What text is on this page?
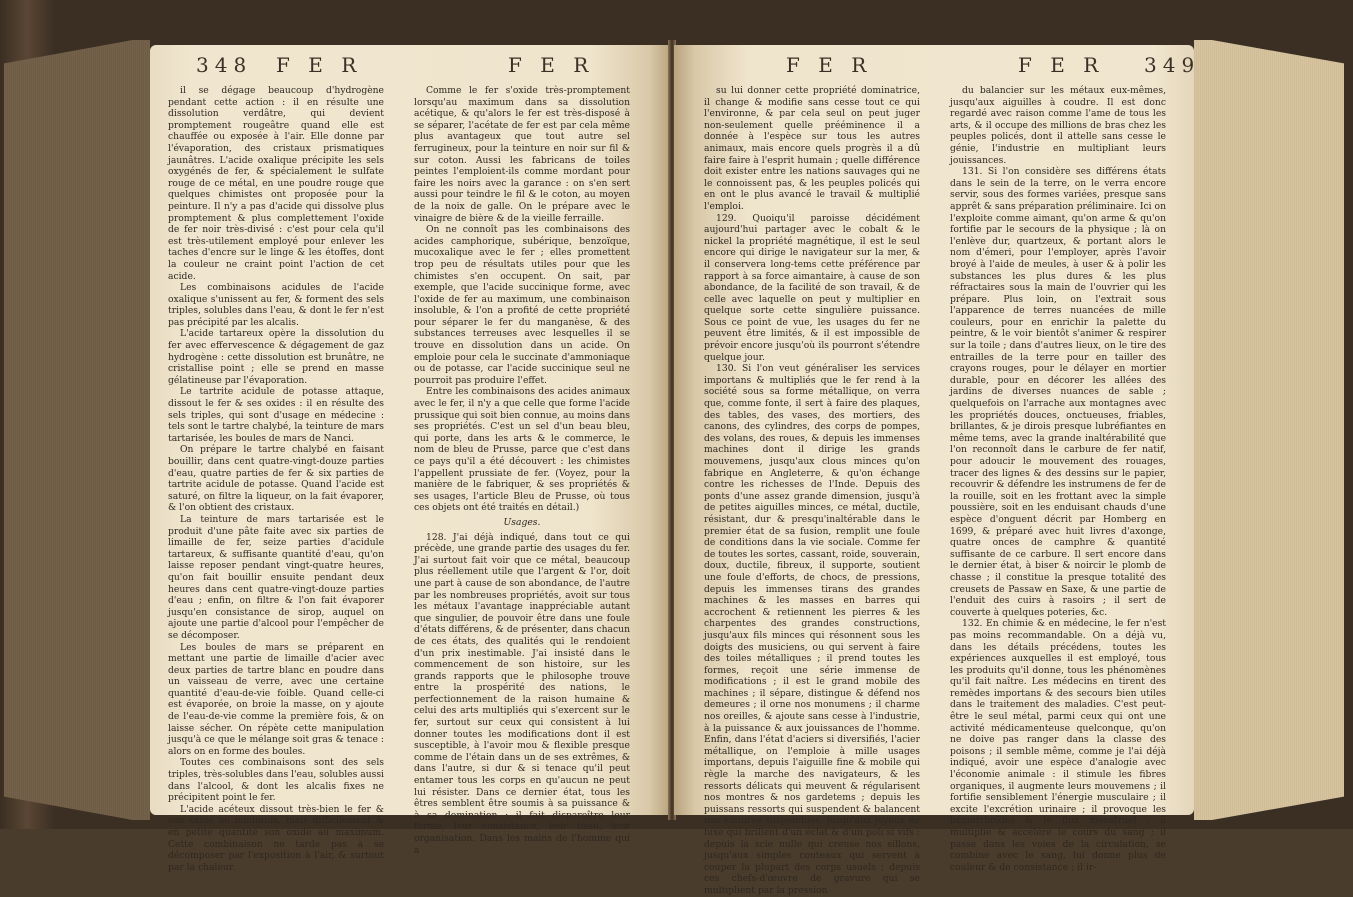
348 F E R	F E R

il se dégage beaucoup d'hydrogène pendant cette action : il en résulte une dissolution verdâtre, qui devient promptement rougeâtre quand elle est chauffée ou exposée à l'air. Elle donne par l'évaporation, des cristaux prismatiques jaunâtres. L'acide oxalique précipite les sels oxygénés de fer, & spécialement le sulfate rouge de ce métal, en une poudre rouge que quelques chimistes ont proposée pour la peinture. Il n'y a pas d'acide qui dissolve plus promptement & plus complettement l'oxide de fer noir très-divisé : c'est pour cela qu'il est très-utilement employé pour enlever les taches d'encre sur le linge & les étoffes, dont la couleur ne craint point l'action de cet acide.

Les combinaisons acidules de l'acide oxalique s'unissent au fer, & forment des sels triples, solubles dans l'eau, & dont le fer n'est pas précipité par les alcalis.

L'acide tartareux opère la dissolution du fer avec effervescence & dégagement de gaz hydrogène : cette dissolution est brunâtre, ne cristallise point ; elle se prend en masse gélatineuse par l'évaporation.

Le tartrite acidule de potasse attaque, dissout le fer & ses oxides : il en résulte des sels triples, qui sont d'usage en médecine : tels sont le tartre chalybé, la teinture de mars tartarisée, les boules de mars de Nanci.

On prépare le tartre chalybé en faisant bouillir, dans cent quatre-vingt-douze parties d'eau, quatre parties de fer & six parties de tartrite acidule de potasse. Quand l'acide est saturé, on filtre la liqueur, on la fait évaporer, & l'on obtient des cristaux.

La teinture de mars tartarisée est le produit d'une pâte faite avec six parties de limaille de fer, seize parties d'acidule tartareux, & suffisante quantité d'eau, qu'on laisse reposer pendant vingt-quatre heures, qu'on fait bouillir ensuite pendant deux heures dans cent quatre-vingt-douze parties d'eau ; enfin, on filtre & l'on fait évaporer jusqu'en consistance de sirop, auquel on ajoute une partie d'alcool pour l'empêcher de se décomposer.

Les boules de mars se préparent en mettant une partie de limaille d'acier avec deux parties de tartre blanc en poudre dans un vaisseau de verre, avec une certaine quantité d'eau-de-vie foible. Quand celle-ci est évaporée, on broie la masse, on y ajoute de l'eau-de-vie comme la première fois, & on laisse sécher. On répète cette manipulation jusqu'à ce que le mélange soit gras & tenace : alors on en forme des boules.

Toutes ces combinaisons sont des sels triples, très-solubles dans l'eau, solubles aussi dans l'alcool, & dont les alcalis fixes ne précipitent point le fer.

L'acide acéteux dissout très-bien le fer & son oxide au minimum, mais difficilement & en petite quantité son oxide au maximum. Cette combinaison ne tarde pas à se décomposer par l'exposition à l'air, & surtout par la chaleur.

Comme le fer s'oxide très-promptement lorsqu'au maximum dans sa dissolution acétique, & qu'alors le fer est très-disposé à se séparer, l'acétate de fer est par cela même plus avantageux que tout autre sel ferrugineux, pour la teinture en noir sur fil & sur coton. Aussi les fabricans de toiles peintes l'emploient-ils comme mordant pour faire les noirs avec la garance : on s'en sert aussi pour teindre le fil & le coton, au moyen de la noix de galle. On le prépare avec le vinaigre de bière & de la vieille ferraille.

On ne connoît pas les combinaisons des acides camphorique, subérique, benzoïque, mucoxalique avec le fer ; elles promettent trop peu de résultats utiles pour que les chimistes s'en occupent. On sait, par exemple, que l'acide succinique forme, avec l'oxide de fer au maximum, une combinaison insoluble, & l'on a profité de cette propriété pour séparer le fer du manganèse, & des substances terreuses avec lesquelles il se trouve en dissolution dans un acide. On emploie pour cela le succinate d'ammoniaque ou de potasse, car l'acide succinique seul ne pourroit pas produire l'effet.

Entre les combinaisons des acides animaux avec le fer, il n'y a que celle que forme l'acide prussique qui soit bien connue, au moins dans ses propriétés. C'est un sel d'un beau bleu, qui porte, dans les arts & le commerce, le nom de bleu de Prusse, parce que c'est dans ce pays qu'il a été découvert : les chimistes l'appellent prussiate de fer. (Voyez, pour la manière de le fabriquer, & ses propriétés & ses usages, l'article Bleu de Prusse, où tous ces objets ont été traités en détail.)

Usages.

128. J'ai déjà indiqué, dans tout ce qui précède, une grande partie des usages du fer. J'ai surtout fait voir que ce métal, beaucoup plus réellement utile que l'argent & l'or, doit une part à cause de son abondance, de l'autre par les nombreuses propriétés, avoit sur tous les métaux l'avantage inappréciable autant que singulier, de pouvoir être dans une foule d'états différens, & de présenter, dans chacun de ces états, des qualités qui le rendoient d'un prix inestimable. J'ai insisté dans le commencement de son histoire, sur les grands rapports que le philosophe trouve entre la prospérité des nations, le perfectionnement de la raison humaine & celui des arts multipliés qui s'exercent sur le fer, surtout sur ceux qui consistent à lui donner toutes les modifications dont il est susceptible, à l'avoir mou & flexible presque comme de l'étain dans un de ses extrêmes, & dans l'autre, si dur & si tenace qu'il peut entamer tous les corps en qu'aucun ne peut lui résister. Dans ce dernier état, tous les êtres semblent être soumis à sa puissance & à sa domination : il fait disparoître leur forme, leur consistance, leur tissu, leur organisation. Dans les mains de l'homme qui a

F E R	F E R 349

su lui donner cette propriété dominatrice, il change & modifie sans cesse tout ce qui l'environne, & par cela seul on peut juger non-seulement quelle prééminence il a donnée à l'espèce sur tous les autres animaux, mais encore quels progrès il a dû faire faire à l'esprit humain ; quelle différence doit exister entre les nations sauvages qui ne le connoissent pas, & les peuples policés qui en ont le plus avancé le travail & multiplié l'emploi.

129. Quoiqu'il paroisse décidément aujourd'hui partager avec le cobalt & le nickel la propriété magnétique, il est le seul encore qui dirige le navigateur sur la mer, & il conservera long-tems cette préférence par rapport à sa force aimantaire, à cause de son abondance, de la facilité de son travail, & de celle avec laquelle on peut y multiplier en quelque sorte cette singulière puissance. Sous ce point de vue, les usages du fer ne peuvent être limités, & il est impossible de prévoir encore jusqu'où ils pourront s'étendre quelque jour.

130. Si l'on veut généraliser les services importans & multipliés que le fer rend à la société sous sa forme métallique, on verra que, comme fonte, il sert à faire des plaques, des tables, des vases, des mortiers, des canons, des cylindres, des corps de pompes, des volans, des roues, & depuis les immenses machines dont il dirige les grands mouvemens, jusqu'aux clous minces qu'on fabrique en Angleterre, & qu'on échange contre les richesses de l'Inde. Depuis des ponts d'une assez grande dimension, jusqu'à de petites aiguilles minces, ce métal, ductile, résistant, dur & presqu'inaltérable dans le premier état de sa fusion, remplit une foule de conditions dans la vie sociale. Comme fer de toutes les sortes, cassant, roide, souverain, doux, ductile, fibreux, il supporte, soutient une foule d'efforts, de chocs, de pressions, depuis les immenses tirans des grandes machines & les masses en barres qui accrochent & retiennent les pierres & les charpentes des grandes constructions, jusqu'aux fils minces qui résonnent sous les doigts des musiciens, ou qui servent à faire des toiles métalliques ; il prend toutes les formes, reçoit une série immense de modifications ; il est le grand mobile des machines ; il sépare, distingue & défend nos demeures ; il orne nos monumens ; il charme nos oreilles, & ajoute sans cesse à l'industrie, à la puissance & aux jouissances de l'homme. Enfin, dans l'état d'aciers si diversifiés, l'acier métallique, on l'emploie à mille usages importans, depuis l'aiguille fine & mobile qui règle la marche des navigateurs, & les ressorts délicats qui meuvent & régularisent nos montres & nos gardetems ; depuis les puissans ressorts qui suspendent & balancent nos voitures suspendues, jusqu'aux joyaux de luxe qui brillent d'un éclat & d'un poli si vifs ; depuis la scie nulle qui creuse nos sillons, jusqu'aux simples couteaux qui servent à couper la plupart des corps usuels ; depuis ces chefs-d'œuvre de gravure qui se multiplient par la pression

du balancier sur les métaux eux-mêmes, jusqu'aux aiguilles à coudre. Il est donc regardé avec raison comme l'ame de tous les arts, & il occupe des millions de bras chez les peuples policés, dont il attelle sans cesse le génie, l'industrie en multipliant leurs jouissances.

131. Si l'on considère ses différens états dans le sein de la terre, on le verra encore servir, sous des formes variées, presque sans apprêt & sans préparation préliminaire. Ici on l'exploite comme aimant, qu'on arme & qu'on fortifie par le secours de la physique ; là on l'enlève dur, quartzeux, & portant alors le nom d'émeri, pour l'employer, après l'avoir broyé à l'aide de meules, à user & à polir les substances les plus dures & les plus réfractaires sous la main de l'ouvrier qui les prépare. Plus loin, on l'extrait sous l'apparence de terres nuancées de mille couleurs, pour en enrichir la palette du peintre, & le voir bientôt s'animer & respirer sur la toile ; dans d'autres lieux, on le tire des entrailles de la terre pour en tailler des crayons rouges, pour le délayer en mortier durable, pour en décorer les allées des jardins de diverses nuances de sable ; quelquefois on l'arrache aux montagnes avec les propriétés douces, onctueuses, friables, brillantes, & je dirois presque lubréfiantes en même tems, avec la grande inaltérabilité que l'on reconnoît dans le carbure de fer natif, pour adoucir le mouvement des rouages, tracer des lignes & des dessins sur le papier, recouvrir & défendre les instrumens de fer de la rouille, soit en les frottant avec la simple poussière, soit en les enduisant chauds d'une espèce d'onguent décrit par Homberg en 1699, & préparé avec huit livres d'axonge, quatre onces de camphre & quantité suffisante de ce carbure. Il sert encore dans le dernier état, à biser & noircir le plomb de chasse ; il constitue la presque totalité des creusets de Passaw en Saxe, & une partie de l'enduit des cuirs à rasoirs ; il sert de couverte à quelques poteries, &c.

132. En chimie & en médecine, le fer n'est pas moins recommandable. On a déjà vu, dans les détails précédens, toutes les expériences auxquelles il est employé, tous les produits qu'il donne, tous les phénomènes qu'il fait naître. Les médecins en tirent des remèdes importans & des secours bien utiles dans le traitement des maladies. C'est peut-être le seul métal, parmi ceux qui ont une activité médicamenteuse quelconque, qu'on ne doive pas ranger dans la classe des poisons ; il semble même, comme je l'ai déjà indiqué, avoir une espèce d'analogie avec l'économie animale : il stimule les fibres organiques, il augmente leurs mouvemens ; il fortifie sensiblement l'énergie musculaire ; il excite l'excrétion urinaire ; il provoque les hémorrhoïdes & le flux menstruel ; il multiplie & accélère le cours du sang ; il passe dans les voies de la circulation, se combine avec le sang, lui donne plus de couleur & de consistance ; il ir-
